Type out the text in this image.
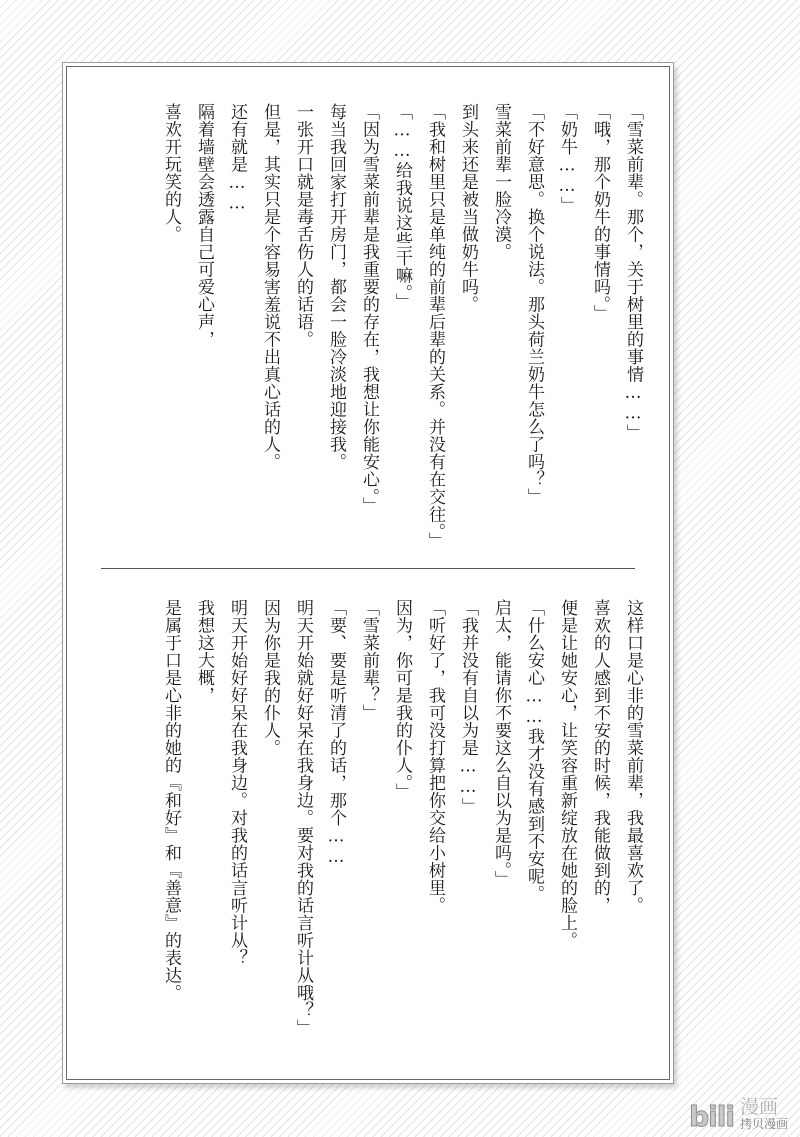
「雪菜前辈。那个，关于树里的事情……」
「哦，那个奶牛的事情吗。」
「奶牛……」
「不好意思。换个说法。那头荷兰奶牛怎么了吗？」
雪菜前辈一脸冷漠。
到头来还是被当做奶牛吗。
「我和树里只是单纯的前辈后辈的关系。并没有在交往。」
「……给我说这些干嘛。」
「因为雪菜前辈是我重要的存在，我想让你能安心。」
每当我回家打开房门，都会一脸冷淡地迎接我。
一张开口就是毒舌伤人的话语。
但是，其实只是个容易害羞说不出真心话的人。
还有就是……
隔着墙壁会透露自己可爱心声，
喜欢开玩笑的人。
这样口是心非的雪菜前辈，我最喜欢了。
喜欢的人感到不安的时候，我能做到的，
便是让她安心，让笑容重新绽放在她的脸上。
「什么安心……我才没有感到不安呢。
启太，能请你不要这么自以为是吗。」
「我并没有自以为是……」
「听好了，我可没打算把你交给小树里。
因为，你可是我的仆人。」
「雪菜前辈？」
「要、要是听清了的话，那个……
明天开始就好好呆在我身边。要对我的话言听计从哦？」
因为你是我的仆人。
明天开始好好呆在我身边。对我的话言听计从？
我想这大概，
是属于口是心非的她的『和好』和『善意』的表达。
bili 漫画
拷贝漫画
